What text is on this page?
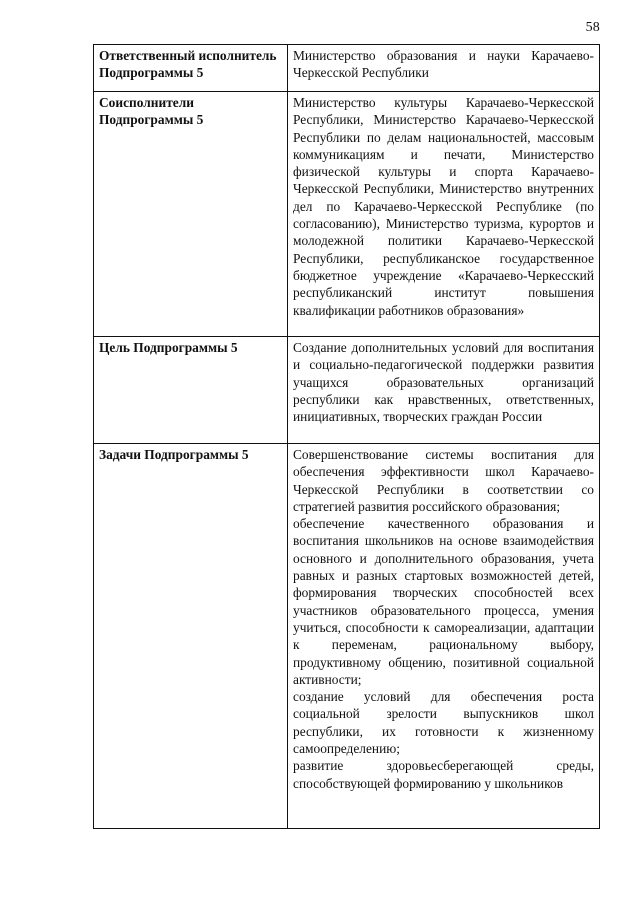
58
Ответственный исполнитель Подпрограммы 5	Министерство образования и науки Карачаево-Черкесской Республики

Соисполнители Подпрограммы 5	Министерство культуры Карачаево-Черкесской Республики, Министерство Карачаево-Черкесской Республики по делам национальностей, массовым коммуникациям и печати, Министерство физической культуры и спорта Карачаево-Черкесской Республики, Министерство внутренних дел по Карачаево-Черкесской Республике (по согласованию), Министерство туризма, курортов и молодежной политики Карачаево-Черкесской Республики, республиканское государственное бюджетное учреждение «Карачаево-Черкесский республиканский институт повышения квалификации работников образования»

Цель Подпрограммы 5	Создание дополнительных условий для воспитания и социально-педагогической поддержки развития учащихся образовательных организаций республики как нравственных, ответственных, инициативных, творческих граждан России

Задачи Подпрограммы 5	Совершенствование системы воспитания для обеспечения эффективности школ Карачаево-Черкесской Республики в соответствии со стратегией развития российского образования;
обеспечение качественного образования и воспитания школьников на основе взаимодействия основного и дополнительного образования, учета равных и разных стартовых возможностей детей, формирования творческих способностей всех участников образовательного процесса, умения учиться, способности к самореализации, адаптации к переменам, рациональному выбору, продуктивному общению, позитивной социальной активности;
создание условий для обеспечения роста социальной зрелости выпускников школ республики, их готовности к жизненному самоопределению;
развитие здоровьесберегающей среды, способствующей формированию у школьников
